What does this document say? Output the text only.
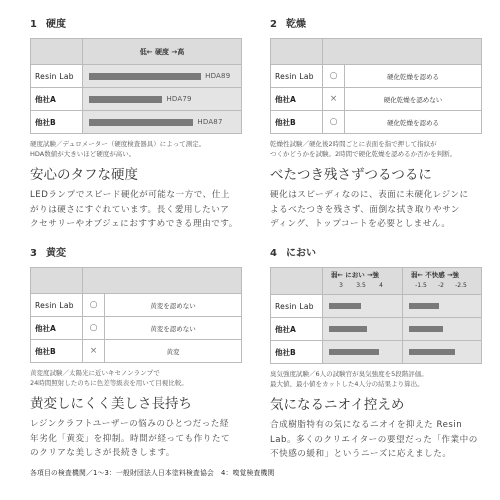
1 硬度

	低← 硬度 →高

Resin Lab	HDA89

他社A	HDA79

他社B	HDA87
硬度試験／デュロメーター（硬度検査器具）によって測定。
HDA数値が大きいほど硬度が高い。
安心のタフな硬度
LEDランプでスピード硬化が可能な一方で、仕上
がりは硬さにすぐれています。長く愛用したいア
クセサリーやオブジェにおすすめできる理由です。
2 乾燥

Resin Lab	○	硬化乾燥を認める
他社A	×	硬化乾燥を認めない
他社B	○	硬化乾燥を認める
乾燥性試験／硬化後2時間ごとに表面を指で押して指紋が
つくかどうかを試験。2時間で硬化乾燥を認めるか否かを判断。
べたつき残さずつるつるに
硬化はスピーディなのに、表面に未硬化レジンに
よるべたつきを残さず、面倒な拭き取りやサン
ディング、トップコートを必要としません。
3 黄変

Resin Lab	○	黄変を認めない
他社A	○	黄変を認めない
他社B	×	黄変
黄変度試験／太陽光に近いキセノンランプで
24時間照射したのちに色差等級表を用いて目視比較。
黄変しにくく美しさ長持ち
レジンクラフトユーザーの悩みのひとつだった経
年劣化「黄変」を抑制。時間が経っても作りたて
のクリアな美しさが長続きします。
4 におい

	弱← におい →強
3 3.5 4	弱← 不快感 →強
-1.5 -2 -2.5

Resin Lab	

他社A	

他社B	

臭気強度試験／6人の試験官が臭気強度を5段階評価。
最大値、最小値をカットした4人分の結果より算出。
気になるニオイ控えめ
合成樹脂特有の気になるニオイを抑えた Resin
Lab。多くのクリエイターの要望だった「作業中の
不快感の緩和」というニーズに応えました。
各項目の検査機関／1～3：一般財団法人日本塗料検査協会　4：嗅覚検査機関
